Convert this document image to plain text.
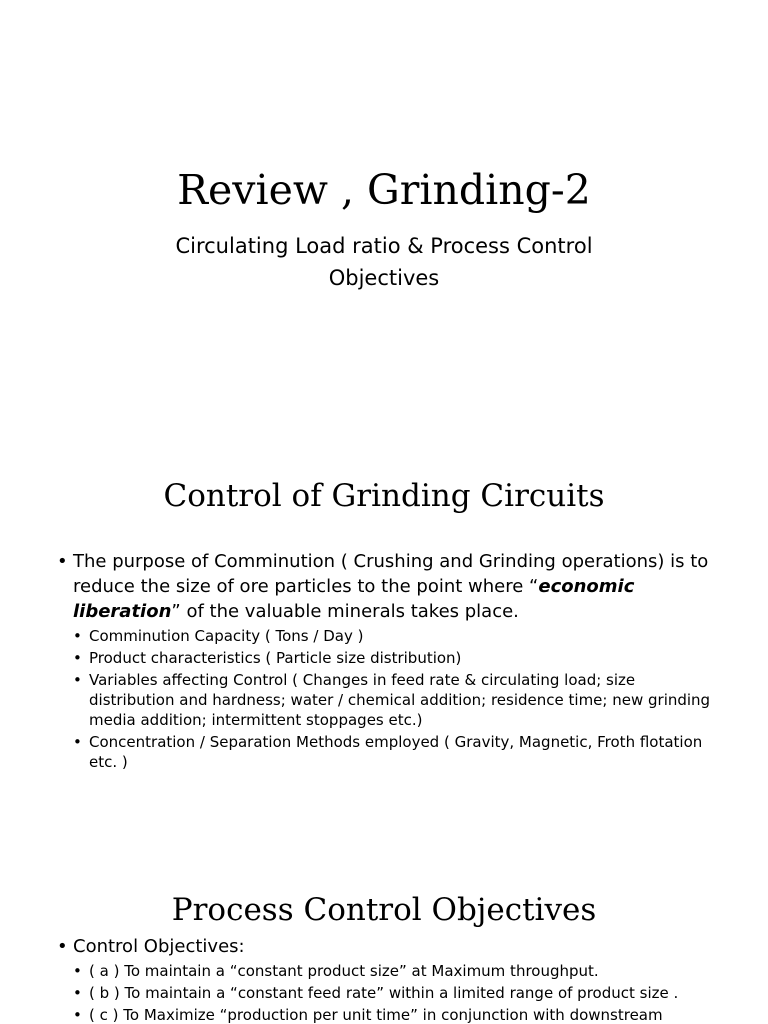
Review , Grinding-2
Circulating Load ratio & Process Control
Objectives
Control of Grinding Circuits
• The purpose of Comminution ( Crushing and Grinding operations) is to reduce the size of ore particles to the point where “economic liberation” of the valuable minerals takes place.
• Comminution Capacity ( Tons / Day )
• Product characteristics ( Particle size distribution)
• Variables affecting Control ( Changes in feed rate & circulating load; size distribution and hardness; water / chemical addition; residence time; new grinding media addition; intermittent stoppages etc.)
• Concentration / Separation Methods employed ( Gravity, Magnetic, Froth flotation etc. )
Process Control Objectives
• Control Objectives:
• ( a ) To maintain a “constant product size” at Maximum throughput.
• ( b ) To maintain a “constant feed rate” within a limited range of product size .
• ( c ) To Maximize “production per unit time” in conjunction with downstream
